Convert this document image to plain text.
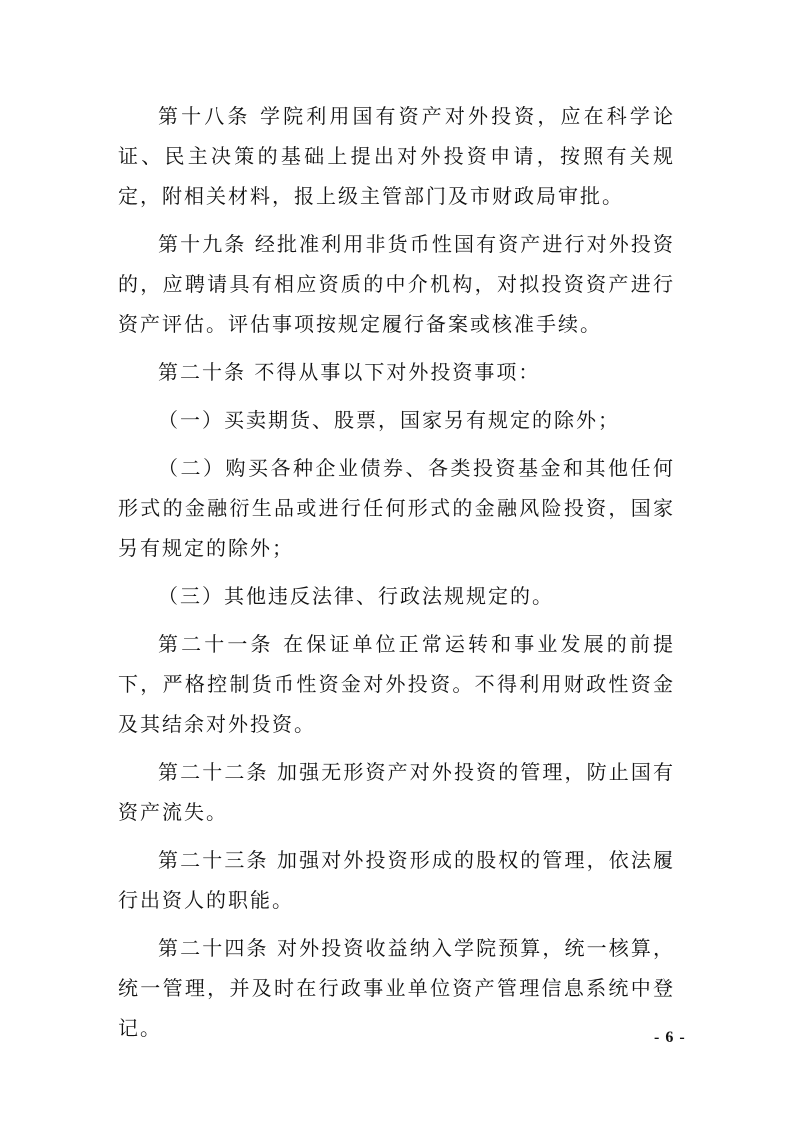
第十八条 学院利用国有资产对外投资，应在科学论证、民主决策的基础上提出对外投资申请，按照有关规定，附相关材料，报上级主管部门及市财政局审批。

第十九条 经批准利用非货币性国有资产进行对外投资的，应聘请具有相应资质的中介机构，对拟投资资产进行资产评估。评估事项按规定履行备案或核准手续。

第二十条 不得从事以下对外投资事项：

（一）买卖期货、股票，国家另有规定的除外；

（二）购买各种企业债券、各类投资基金和其他任何形式的金融衍生品或进行任何形式的金融风险投资，国家另有规定的除外；

（三）其他违反法律、行政法规规定的。

第二十一条 在保证单位正常运转和事业发展的前提下，严格控制货币性资金对外投资。不得利用财政性资金及其结余对外投资。

第二十二条 加强无形资产对外投资的管理，防止国有资产流失。

第二十三条 加强对外投资形成的股权的管理，依法履行出资人的职能。

第二十四条 对外投资收益纳入学院预算，统一核算，统一管理，并及时在行政事业单位资产管理信息系统中登记。	- 6 -
